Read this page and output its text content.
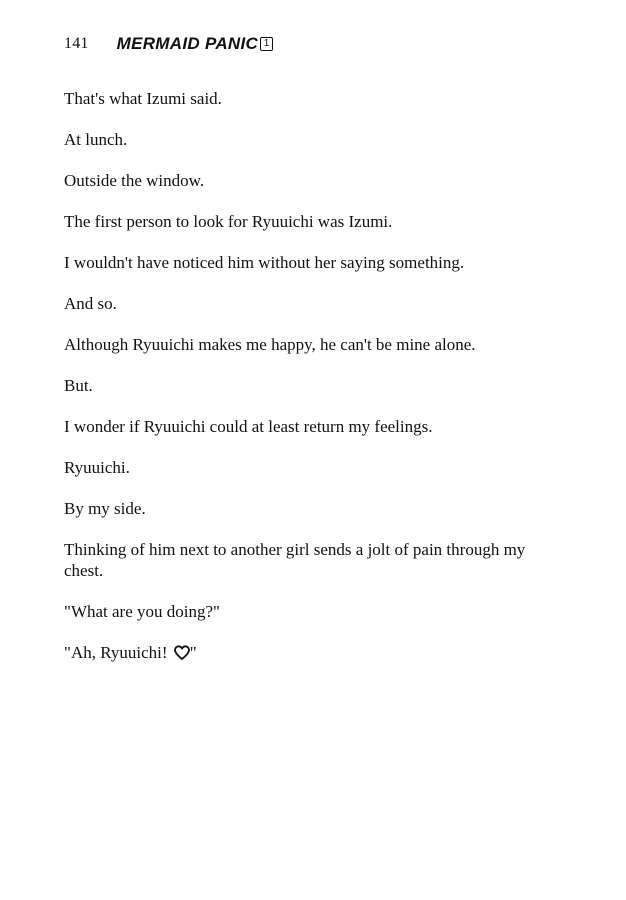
141 MERMAID PANIC 1

That's what Izumi said.

At lunch.

Outside the window.

The first person to look for Ryuuichi was Izumi.

I wouldn't have noticed him without her saying something.

And so.

Although Ryuuichi makes me happy, he can't be mine alone.

But.

I wonder if Ryuuichi could at least return my feelings.

Ryuuichi.

By my side.

Thinking of him next to another girl sends a jolt of pain through my chest.

"What are you doing?"

"Ah, Ryuuichi! "
